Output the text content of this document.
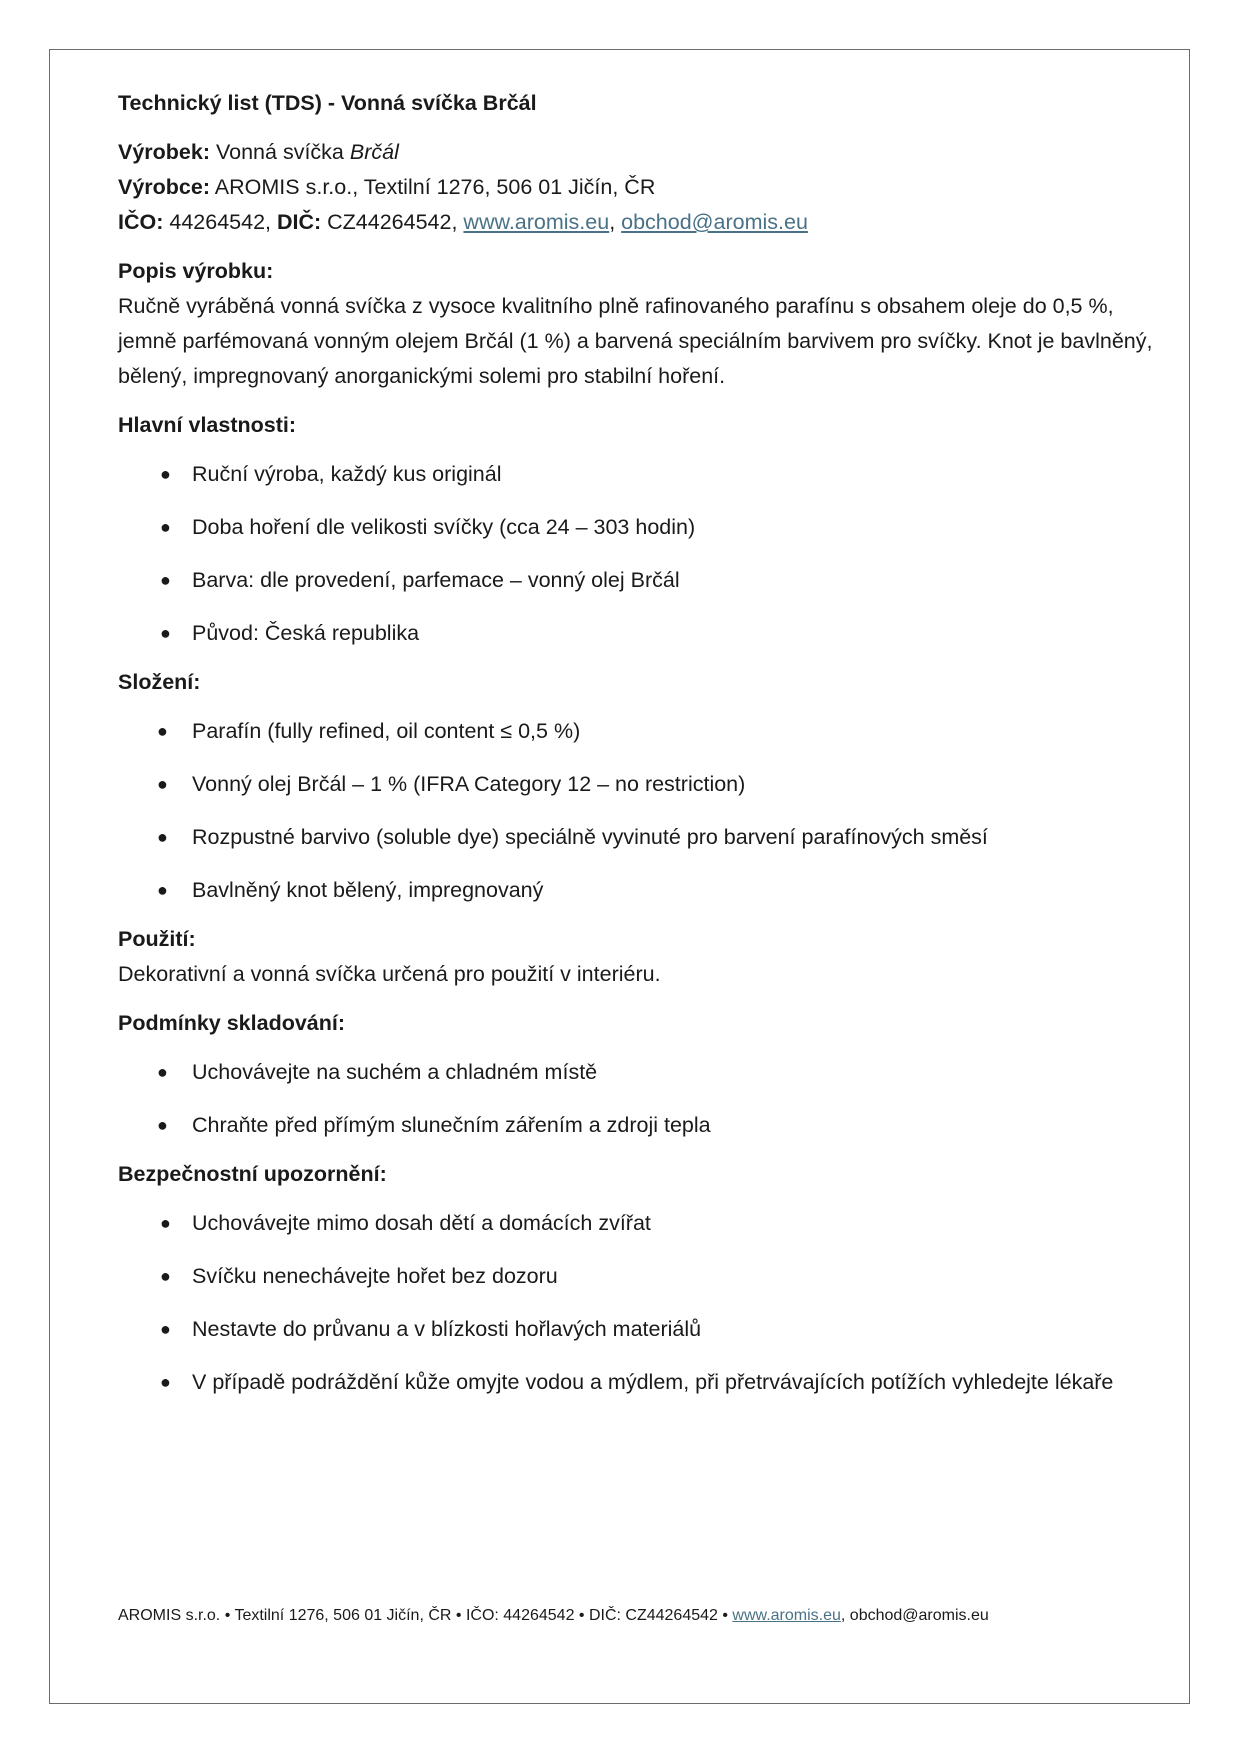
Technický list (TDS) - Vonná svíčka Brčál

Výrobek: Vonná svíčka Brčál

Výrobce: AROMIS s.r.o., Textilní 1276, 506 01 Jičín, ČR

IČO: 44264542, DIČ: CZ44264542, www.aromis.eu, obchod@aromis.eu

Popis výrobku:

Ručně vyráběná vonná svíčka z vysoce kvalitního plně rafinovaného parafínu s obsahem oleje do 0,5 %, jemně parfémovaná vonným olejem Brčál (1 %) a barvená speciálním barvivem pro svíčky. Knot je bavlněný, bělený, impregnovaný anorganickými solemi pro stabilní hoření.

Hlavní vlastnosti:

● Ruční výroba, každý kus originál
● Doba hoření dle velikosti svíčky (cca 24 – 303 hodin)
● Barva: dle provedení, parfemace – vonný olej Brčál
● Původ: Česká republika

Složení:

● Parafín (fully refined, oil content ≤ 0,5 %)
● Vonný olej Brčál – 1 % (IFRA Category 12 – no restriction)
● Rozpustné barvivo (soluble dye) speciálně vyvinuté pro barvení parafínových směsí
● Bavlněný knot bělený, impregnovaný

Použití:

Dekorativní a vonná svíčka určená pro použití v interiéru.

Podmínky skladování:

● Uchovávejte na suchém a chladném místě
● Chraňte před přímým slunečním zářením a zdroji tepla

Bezpečnostní upozornění:

● Uchovávejte mimo dosah dětí a domácích zvířat
● Svíčku nenechávejte hořet bez dozoru
● Nestavte do průvanu a v blízkosti hořlavých materiálů
● V případě podráždění kůže omyjte vodou a mýdlem, při přetrvávajících potížích vyhledejte lékaře
AROMIS s.r.o. • Textilní 1276, 506 01 Jičín, ČR • IČO: 44264542 • DIČ: CZ44264542 • www.aromis.eu, obchod@aromis.eu
